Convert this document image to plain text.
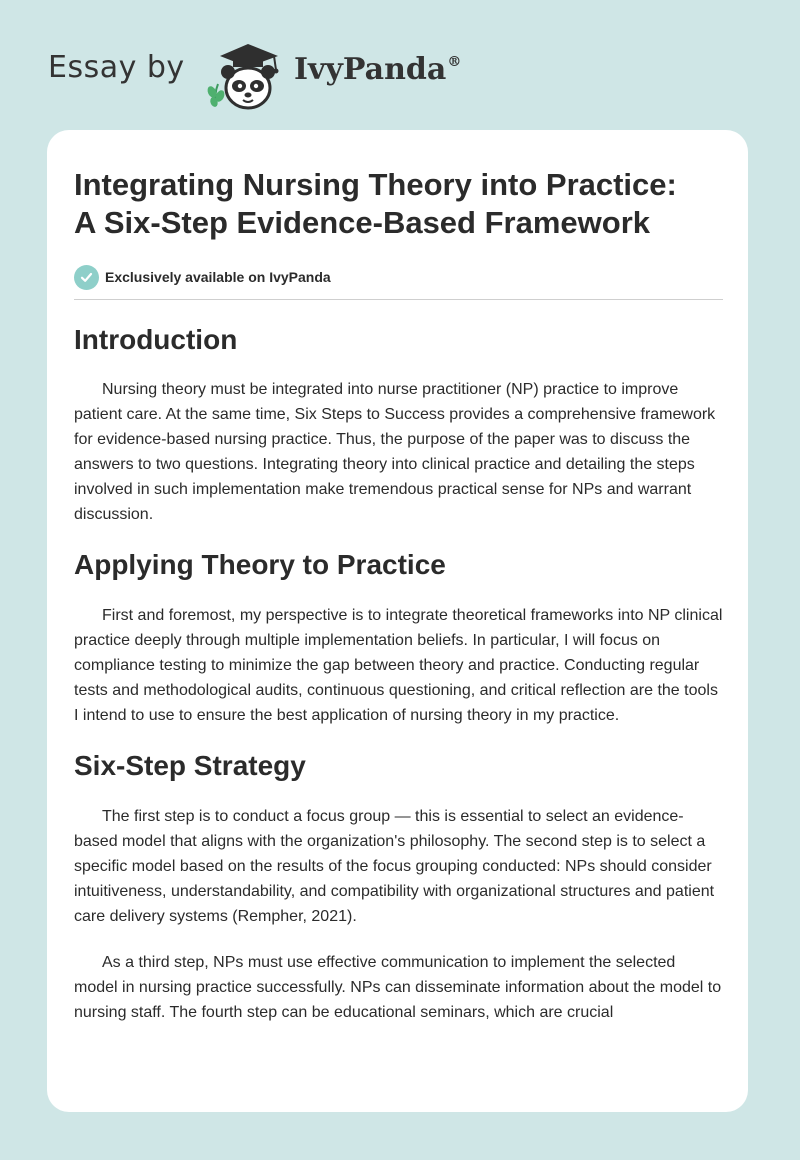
Essay by	IvyPanda®
Integrating Nursing Theory into Practice:
A Six-Step Evidence-Based Framework
Exclusively available on IvyPanda
Introduction

Nursing theory must be integrated into nurse practitioner (NP) practice to improve patient care. At the same time, Six Steps to Success provides a comprehensive framework for evidence-based nursing practice. Thus, the purpose of the paper was to discuss the answers to two questions. Integrating theory into clinical practice and detailing the steps involved in such implementation make tremendous practical sense for NPs and warrant discussion.

Applying Theory to Practice

First and foremost, my perspective is to integrate theoretical frameworks into NP clinical practice deeply through multiple implementation beliefs. In particular, I will focus on compliance testing to minimize the gap between theory and practice. Conducting regular tests and methodological audits, continuous questioning, and critical reflection are the tools I intend to use to ensure the best application of nursing theory in my practice.

Six-Step Strategy

The first step is to conduct a focus group — this is essential to select an evidence-based model that aligns with the organization's philosophy. The second step is to select a specific model based on the results of the focus grouping conducted: NPs should consider intuitiveness, understandability, and compatibility with organizational structures and patient care delivery systems (Rempher, 2021).

As a third step, NPs must use effective communication to implement the selected model in nursing practice successfully. NPs can disseminate information about the model to nursing staff. The fourth step can be educational seminars, which are crucial
